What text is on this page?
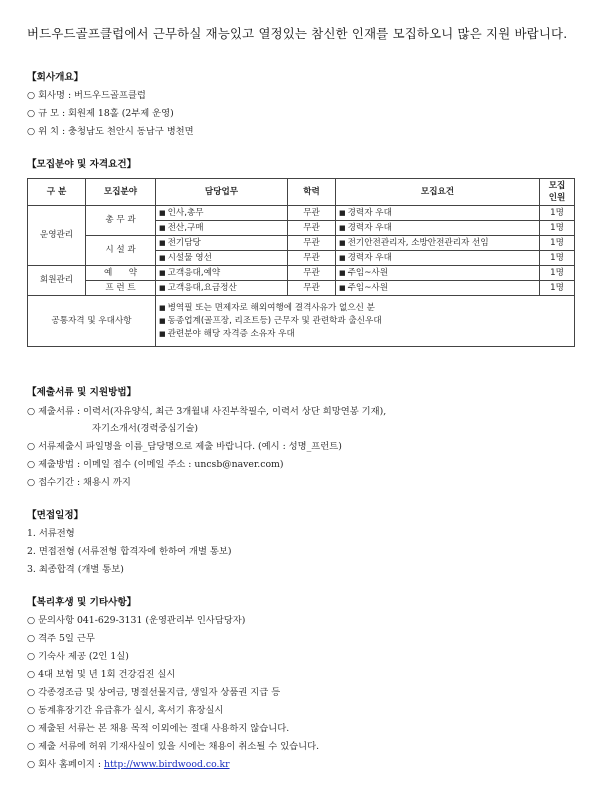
버드우드골프클럽에서 근무하실 재능있고 열정있는 참신한 인재를 모집하오니 많은 지원 바랍니다.
【회사개요】
○ 회사명 : 버드우드골프클럽
○ 규 모 : 회원제 18홀 (2부제 운영)
○ 위 치 : 충청남도 천안시 동남구 병천면
【모집분야 및 자격요건】
구 분	모집분야	담당업무	학력	모집요건	모집
인원
운영관리	총 무 과	■ 인사,총무	무관	■ 경력자 우대	1명
		■ 전산,구매	무관	■ 경력자 우대	1명
	시 설 과	■ 전기담당	무관	■ 전기안전관리자, 소방안전관리자 선임	1명
		■ 시설물 영선	무관	■ 경력자 우대	1명
회원관리	예      약	■ 고객응대,예약	무관	■ 주임~사원	1명
	프 런 트	■ 고객응대,요금정산	무관	■ 주임~사원	1명
공통자격 및 우대사항		■ 병역필 또는 면제자로 해외여행에 결격사유가 없으신 분
■ 동종업계(골프장, 리조트등) 근무자 및 관련학과 출신우대
■ 관련분야 해당 자격증 소유자 우대			
【제출서류 및 지원방법】
○ 제출서류 : 이력서(자유양식, 최근 3개월내 사진부착필수, 이력서 상단 희망연봉 기재),
자기소개서(경력중심기술)
○ 서류제출시 파일명을 이름_담당명으로 제출 바랍니다. (예시 : 성명_프런트)
○ 제출방법 : 이메일 접수 (이메일 주소 : uncsb@naver.com)
○ 접수기간 : 채용시 까지
【면접일정】
1. 서류전형
2. 면접전형 (서류전형 합격자에 한하여 개별 통보)
3. 최종합격 (개별 통보)
【복리후생 및 기타사항】
○ 문의사항 041-629-3131 (운영관리부 인사담당자)
○ 격주 5일 근무
○ 기숙사 제공 (2인 1실)
○ 4대 보험 및 년 1회 건강검진 실시
○ 각종경조금 및 상여금, 명절선물지급, 생일자 상품권 지급 등
○ 동계휴장기간 유급휴가 실시, 혹서기 휴장실시
○ 제출된 서류는 본 채용 목적 이외에는 절대 사용하지 않습니다.
○ 제출 서류에 허위 기재사실이 있을 시에는 채용이 취소될 수 있습니다.
○ 회사 홈페이지 : http://www.birdwood.co.kr
